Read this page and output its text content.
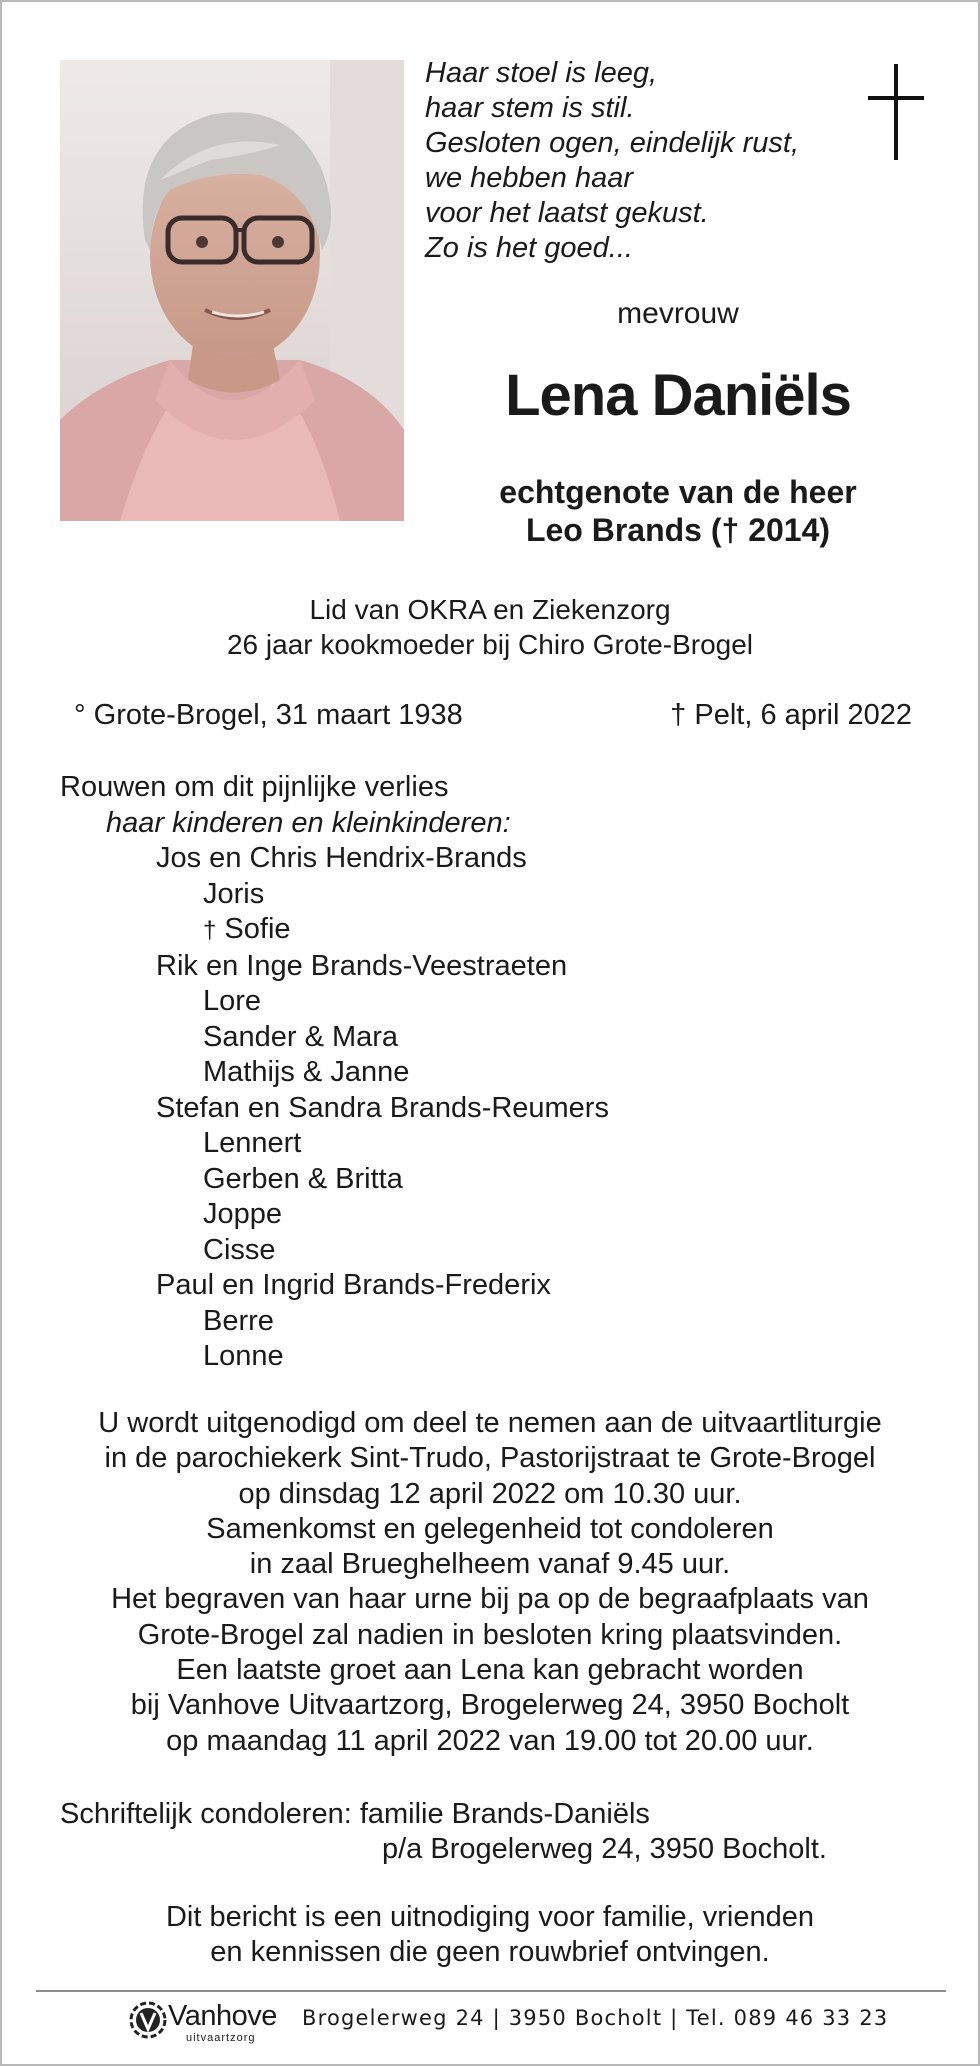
Haar stoel is leeg,
haar stem is stil.
Gesloten ogen, eindelijk rust,
we hebben haar
voor het laatst gekust.
Zo is het goed...
mevrouw
Lena Daniëls
echtgenote van de heer
Leo Brands († 2014)
Lid van OKRA en Ziekenzorg
26 jaar kookmoeder bij Chiro Grote-Brogel
° Grote-Brogel, 31 maart 1938	† Pelt, 6 april 2022
Rouwen om dit pijnlijke verlies
haar kinderen en kleinkinderen:
Jos en Chris Hendrix-Brands
Joris
† Sofie
Rik en Inge Brands-Veestraeten
Lore
Sander & Mara
Mathijs & Janne
Stefan en Sandra Brands-Reumers
Lennert
Gerben & Britta
Joppe
Cisse
Paul en Ingrid Brands-Frederix
Berre
Lonne
U wordt uitgenodigd om deel te nemen aan de uitvaartliturgie
in de parochiekerk Sint-Trudo, Pastorijstraat te Grote-Brogel
op dinsdag 12 april 2022 om 10.30 uur.
Samenkomst en gelegenheid tot condoleren
in zaal Brueghelheem vanaf 9.45 uur.
Het begraven van haar urne bij pa op de begraafplaats van
Grote-Brogel zal nadien in besloten kring plaatsvinden.
Een laatste groet aan Lena kan gebracht worden
bij Vanhove Uitvaartzorg, Brogelerweg 24, 3950 Bocholt
op maandag 11 april 2022 van 19.00 tot 20.00 uur.
Schriftelijk condoleren: familie Brands-Daniëls
p/a Brogelerweg 24, 3950 Bocholt.
Dit bericht is een uitnodiging voor familie, vrienden
en kennissen die geen rouwbrief ontvingen.
Vanhove
uitvaartzorg
Brogelerweg 24 | 3950 Bocholt | Tel. 089 46 33 23
